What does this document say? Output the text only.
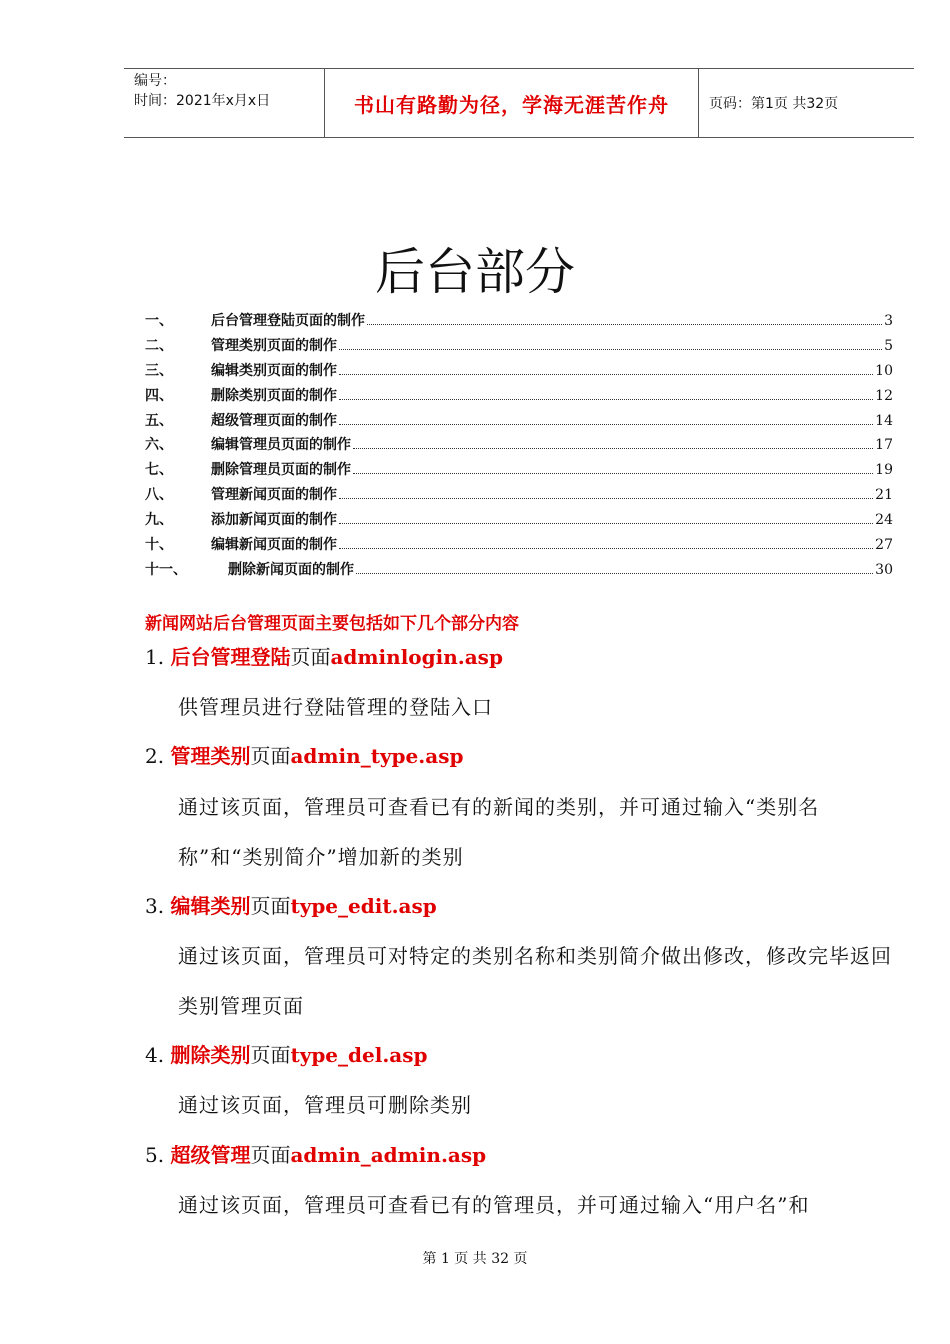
编号：
时间：2021年x月x日	书山有路勤为径，学海无涯苦作舟	页码：第1页 共32页
后台部分
一、	后台管理登陆页面的制作	3
二、	管理类别页面的制作	5
三、	编辑类别页面的制作	10
四、	删除类别页面的制作	12
五、	超级管理页面的制作	14
六、	编辑管理员页面的制作	17
七、	删除管理员页面的制作	19
八、	管理新闻页面的制作	21
九、	添加新闻页面的制作	24
十、	编辑新闻页面的制作	27
十一、	删除新闻页面的制作	30
新闻网站后台管理页面主要包括如下几个部分内容
1. 后台管理登陆页面adminlogin.asp
供管理员进行登陆管理的登陆入口
2. 管理类别页面admin_type.asp
通过该页面，管理员可查看已有的新闻的类别，并可通过输入“类别名称”和“类别简介”增加新的类别
3. 编辑类别页面type_edit.asp
通过该页面，管理员可对特定的类别名称和类别简介做出修改，修改完毕返回类别管理页面
4. 删除类别页面type_del.asp
通过该页面，管理员可删除类别
5. 超级管理页面admin_admin.asp
通过该页面，管理员可查看已有的管理员，并可通过输入“用户名”和
第 1 页 共 32 页
